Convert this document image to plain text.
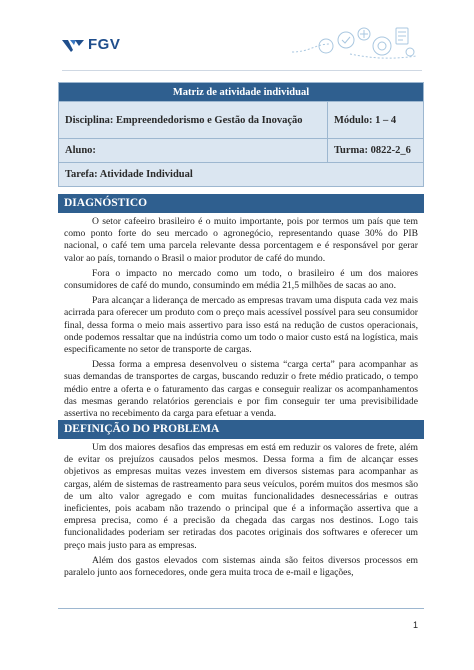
FGV
Matriz de atividade individual	
Disciplina: Empreendedorismo e Gestão da Inovação	Módulo: 1 – 4
Aluno:	Turma: 0822-2_6
Tarefa: Atividade Individual	
DIAGNÓSTICO

O setor cafeeiro brasileiro é o muito importante, pois por termos um país que tem como ponto forte do seu mercado o agronegócio, representando quase 30% do PIB nacional, o café tem uma parcela relevante dessa porcentagem e é responsável por gerar valor ao país, tornando o Brasil o maior produtor de café do mundo.

Fora o impacto no mercado como um todo, o brasileiro é um dos maiores consumidores de café do mundo, consumindo em média 21,5 milhões de sacas ao ano.

Para alcançar a liderança de mercado as empresas travam uma disputa cada vez mais acirrada para oferecer um produto com o preço mais acessível possível para seu consumidor final, dessa forma o meio mais assertivo para isso está na redução de custos operacionais, onde podemos ressaltar que na indústria como um todo o maior custo está na logística, mais especificamente no setor de transporte de cargas.

Dessa forma a empresa desenvolveu o sistema “carga certa” para acompanhar as suas demandas de transportes de cargas, buscando reduzir o frete médio praticado, o tempo médio entre a oferta e o faturamento das cargas e conseguir realizar os acompanhamentos das mesmas gerando relatórios gerenciais e por fim conseguir ter uma previsibilidade assertiva no recebimento da carga para efetuar a venda.

DEFINIÇÃO DO PROBLEMA

Um dos maiores desafios das empresas em está em reduzir os valores de frete, além de evitar os prejuízos causados pelos mesmos. Dessa forma a fim de alcançar esses objetivos as empresas muitas vezes investem em diversos sistemas para acompanhar as cargas, além de sistemas de rastreamento para seus veículos, porém muitos dos mesmos são de um alto valor agregado e com muitas funcionalidades desnecessárias e outras ineficientes, pois acabam não trazendo o principal que é a informação assertiva que a empresa precisa, como é a precisão da chegada das cargas nos destinos. Logo tais funcionalidades poderiam ser retiradas dos pacotes originais dos softwares e oferecer um preço mais justo para as empresas.

Além dos gastos elevados com sistemas ainda são feitos diversos processos em paralelo junto aos fornecedores, onde gera muita troca de e-mail e ligações,

1
